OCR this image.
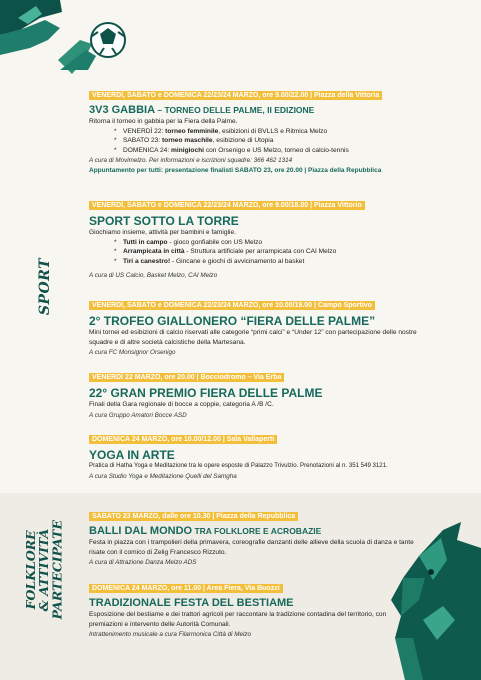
SPORT
FOLKLORE
& ATTIVITÀ
PARTECIPATE
VENERDÌ, SABATO e DOMENICA 22/23/24 MARZO, ore 9.00/22.00 | Piazza della Vittoria
3V3 GABBIA – TORNEO DELLE PALME, II EDIZIONE
Ritorna il torneo in gabbia per la Fiera della Palme.
* VENERDÌ 22: torneo femminile, esibizioni di BVLLS e Ritmica Melzo
* SABATO 23: torneo maschile, esibizione di Utopia
* DOMENICA 24: minigiochi con Orsenigo e US Melzo, torneo di calcio-tennis
A cura di Movimelzo. Per informazioni e iscrizioni squadre: 366 462 1314
Appuntamento per tutti: presentazione finalisti SABATO 23, ore 20.00 | Piazza della Repubblica
VENERDÌ, SABATO e DOMENICA 22/23/24 MARZO, ore 9.00/18.00 | Piazza Vittorio
SPORT SOTTO LA TORRE
Giochiamo insieme, attività per bambini e famiglie.
* Tutti in campo - gioco gonfiabile con US Melzo
* Arrampicata in città - Struttura artificiale per arrampicata con CAI Melzo
* Tiri a canestro! - Gincane e giochi di avvicinamento al basket
A cura di US Calcio, Basket Melzo, CAI Melzo
VENERDÌ, SABATO e DOMENICA 22/23/24 MARZO, ore 10.00/19.00 | Campo Sportivo
2° TROFEO GIALLONERO “FIERA DELLE PALME”
Mini tornei ed esibizioni di calcio riservati alle categorie “primi calci” e “Under 12” con partecipazione delle nostre squadre e di altre società calcistiche della Martesana.
A cura FC Monsignor Orsenigo
VENERDÌ 22 MARZO, ore 20.00 | Bocciodromo – Via Erba
22° GRAN PREMIO FIERA DELLE PALME
Finali della Gara regionale di bocce a coppie, categoria A /B /C.
A cura Gruppo Amatori Bocce ASD
DOMENICA 24 MARZO, ore 10.00/12.00 | Sala Vallaperti
YOGA IN ARTE
Pratica di Hatha Yoga e Meditazione tra le opere esposte di Palazzo Trivulzio. Prenotazioni al n. 351 549 3121.
A cura Studio Yoga e Meditazione Quelli del Samgha
SABATO 23 MARZO, dalle ore 10.30 | Piazza della Repubblica
BALLI DAL MONDO TRA FOLKLORE E ACROBAZIE
Festa in piazza con i trampolieri della primavera, coreografie danzanti delle allieve della scuola di danza e tante risate con il comico di Zelig Francesco Rizzuto.
A cura di Attrazione Danza Melzo ADS
DOMENICA 24 MARZO, ore 11.00 | Area Fiera, Via Buozzi
TRADIZIONALE FESTA DEL BESTIAME
Esposizione del bestiame e dei trattori agricoli per raccontare la tradizione contadina del territorio, con premiazioni e intervento delle Autorità Comunali.
Intrattenimento musicale a cura Filarmonica Città di Melzo
